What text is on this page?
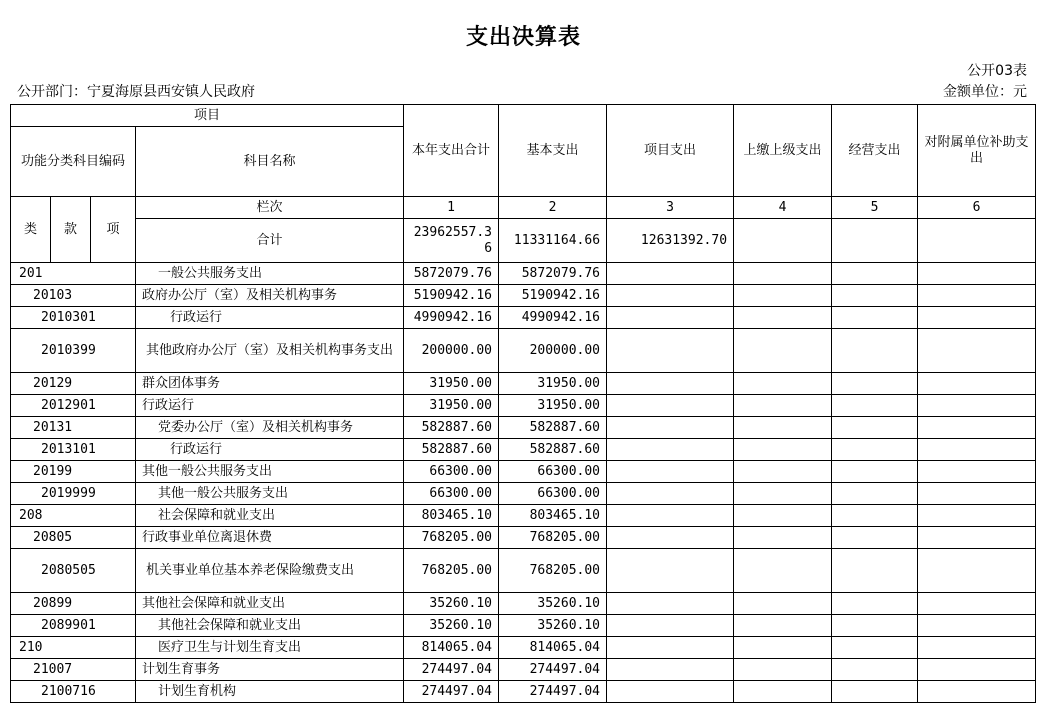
支出决算表
公开部门：宁夏海原县西安镇人民政府
公开03表
金额单位：元
项目				本年支出合计	基本支出	项目支出	上缴上级支出	经营支出	对附属单位补助支出
功能分类科目编码			科目名称						

类	款	项	栏次	1	2	3	4	5	6
			合计	23962557.36	11331164.66	12631392.70			
201			一般公共服务支出	5872079.76	5872079.76				
20103			政府办公厅（室）及相关机构事务	5190942.16	5190942.16				
2010301			行政运行	4990942.16	4990942.16				
2010399			其他政府办公厅（室）及相关机构事务支出	200000.00	200000.00				
20129			群众团体事务	31950.00	31950.00				
2012901			行政运行	31950.00	31950.00				
20131			党委办公厅（室）及相关机构事务	582887.60	582887.60				
2013101			行政运行	582887.60	582887.60				
20199			其他一般公共服务支出	66300.00	66300.00				
2019999			其他一般公共服务支出	66300.00	66300.00				
208			社会保障和就业支出	803465.10	803465.10				
20805			行政事业单位离退休费	768205.00	768205.00				
2080505			机关事业单位基本养老保险缴费支出	768205.00	768205.00				
20899			其他社会保障和就业支出	35260.10	35260.10				
2089901			其他社会保障和就业支出	35260.10	35260.10				
210			医疗卫生与计划生育支出	814065.04	814065.04				
21007			计划生育事务	274497.04	274497.04				
2100716			计划生育机构	274497.04	274497.04				
